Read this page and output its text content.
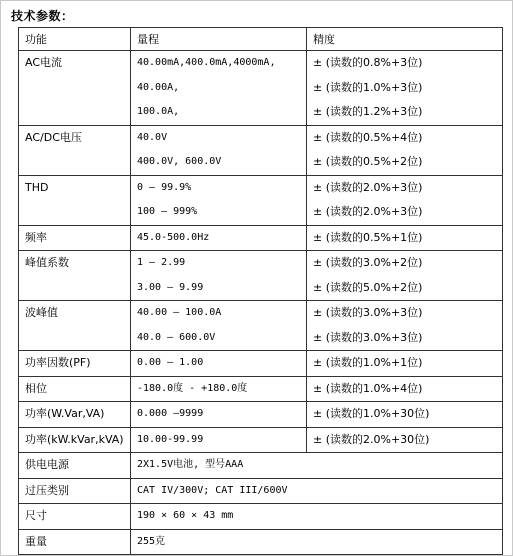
技术参数：
功能	量程	精度

AC电流	40.00mA,400.0mA,4000mA,
40.00A,
100.0A,	± (读数的0.8%+3位)
± (读数的1.0%+3位)
± (读数的1.2%+3位)

AC/DC电压	40.0V
400.0V, 600.0V	± (读数的0.5%+4位)
± (读数的0.5%+2位)

THD	0 — 99.9%
100 — 999%	± (读数的2.0%+3位)
± (读数的2.0%+3位)

频率	45.0-500.0Hz	± (读数的0.5%+1位)

峰值系数	1 — 2.99
3.00 — 9.99	± (读数的3.0%+2位)
± (读数的5.0%+2位)

波峰值	40.00 — 100.0A
40.0 — 600.0V	± (读数的3.0%+3位)
± (读数的3.0%+3位)

功率因数(PF)	0.00 — 1.00	± (读数的1.0%+1位)

相位	-180.0度 - +180.0度	± (读数的1.0%+4位)

功率(W.Var,VA)	0.000 —9999	± (读数的1.0%+30位)

功率(kW.kVar,kVA)	10.00-99.99	± (读数的2.0%+30位)

供电电源	2X1.5V电池, 型号AAA	

过压类别	CAT IV/300V; CAT III/600V	

尺寸	190 × 60 × 43 mm	

重量	255克	
